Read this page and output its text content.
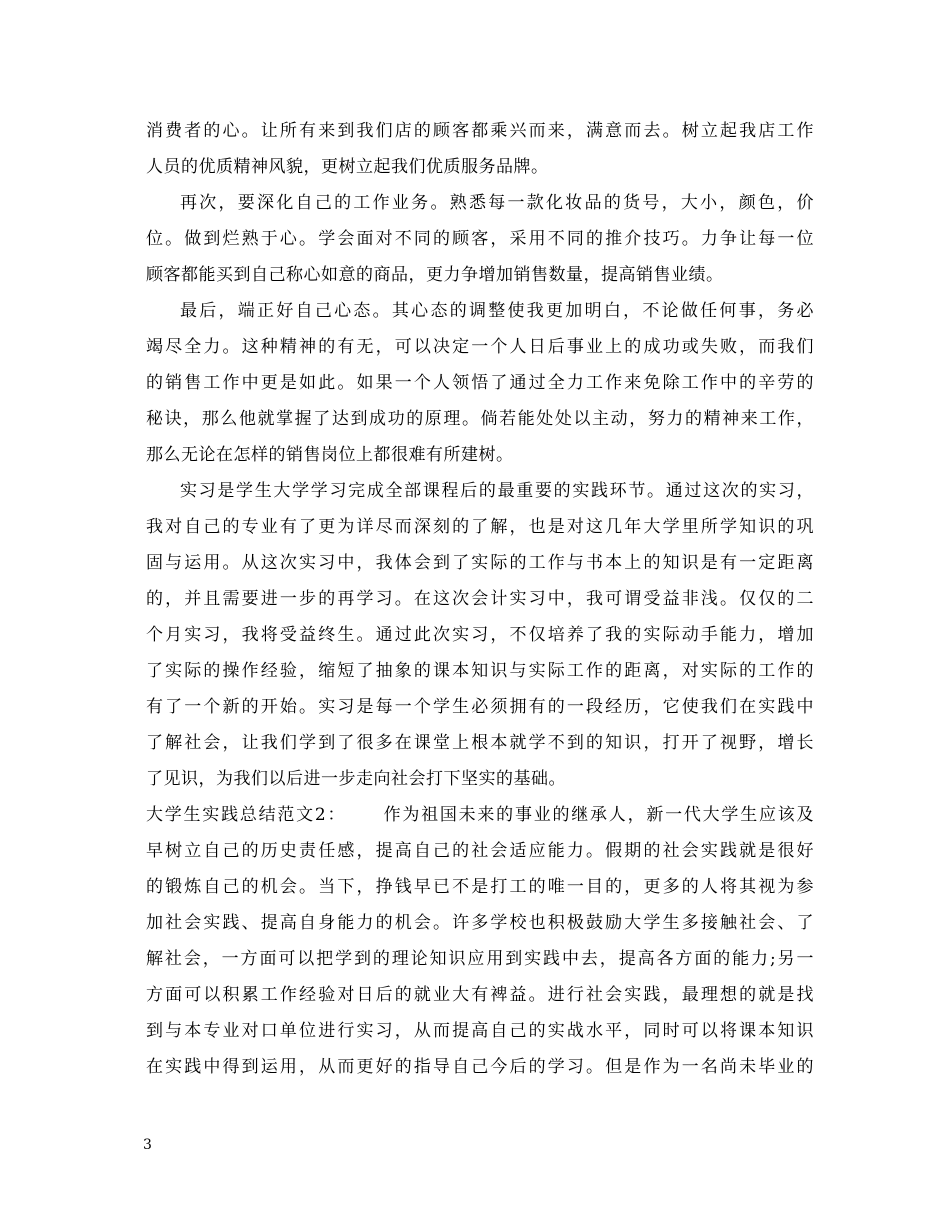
消费者的心。让所有来到我们店的顾客都乘兴而来，满意而去。树立起我店工作
人员的优质精神风貌，更树立起我们优质服务品牌。
再次，要深化自己的工作业务。熟悉每一款化妆品的货号，大小，颜色，价
位。做到烂熟于心。学会面对不同的顾客，采用不同的推介技巧。力争让每一位
顾客都能买到自己称心如意的商品，更力争增加销售数量，提高销售业绩。
最后，端正好自己心态。其心态的调整使我更加明白，不论做任何事，务必
竭尽全力。这种精神的有无，可以决定一个人日后事业上的成功或失败，而我们
的销售工作中更是如此。如果一个人领悟了通过全力工作来免除工作中的辛劳的
秘诀，那么他就掌握了达到成功的原理。倘若能处处以主动，努力的精神来工作，
那么无论在怎样的销售岗位上都很难有所建树。
实习是学生大学学习完成全部课程后的最重要的实践环节。通过这次的实习，
我对自己的专业有了更为详尽而深刻的了解，也是对这几年大学里所学知识的巩
固与运用。从这次实习中，我体会到了实际的工作与书本上的知识是有一定距离
的，并且需要进一步的再学习。在这次会计实习中，我可谓受益非浅。仅仅的二
个月实习，我将受益终生。通过此次实习，不仅培养了我的实际动手能力，增加
了实际的操作经验，缩短了抽象的课本知识与实际工作的距离，对实际的工作的
有了一个新的开始。实习是每一个学生必须拥有的一段经历，它使我们在实践中
了解社会，让我们学到了很多在课堂上根本就学不到的知识，打开了视野，增长
了见识，为我们以后进一步走向社会打下坚实的基础。
大学生实践总结范文2： 作为祖国未来的事业的继承人，新一代大学生应该及
早树立自己的历史责任感，提高自己的社会适应能力。假期的社会实践就是很好
的锻炼自己的机会。当下，挣钱早已不是打工的唯一目的，更多的人将其视为参
加社会实践、提高自身能力的机会。许多学校也积极鼓励大学生多接触社会、了
解社会，一方面可以把学到的理论知识应用到实践中去，提高各方面的能力;另一
方面可以积累工作经验对日后的就业大有裨益。进行社会实践，最理想的就是找
到与本专业对口单位进行实习，从而提高自己的实战水平，同时可以将课本知识
在实践中得到运用，从而更好的指导自己今后的学习。但是作为一名尚未毕业的
3
